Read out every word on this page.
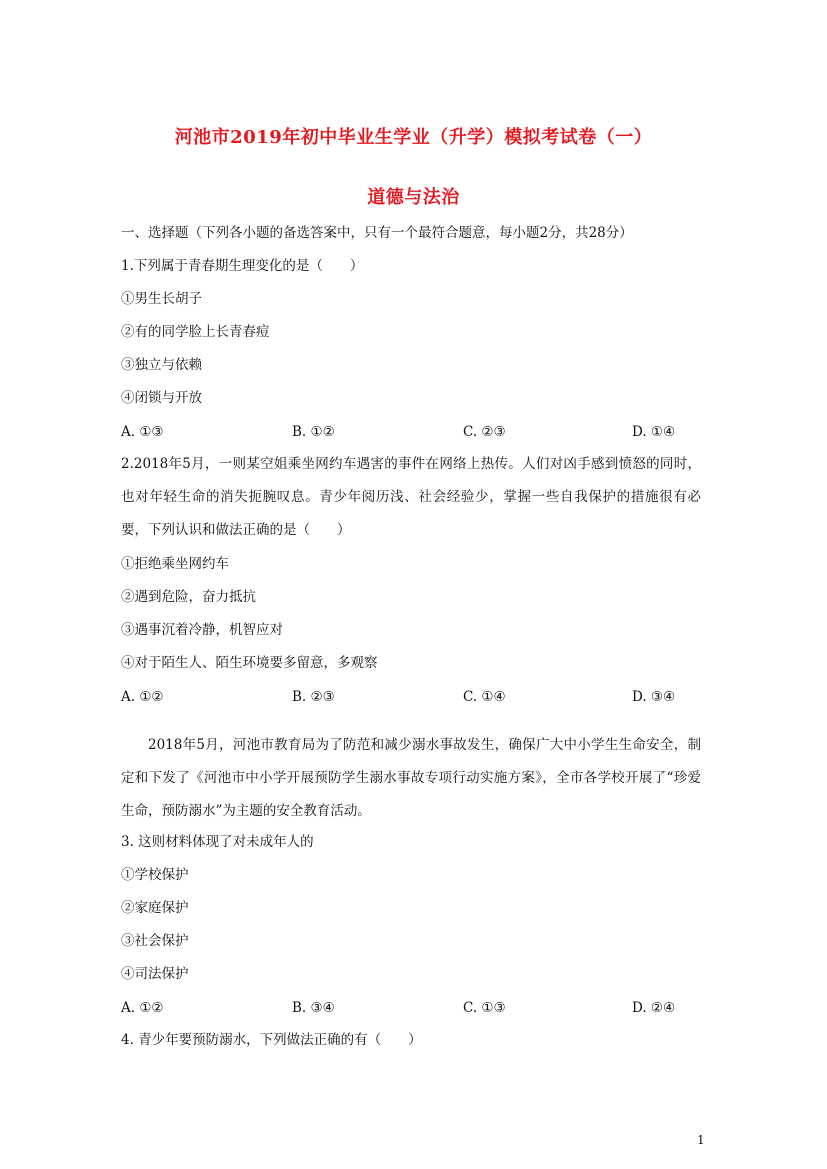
河池市2019年初中毕业生学业（升学）模拟考试卷（一）
道德与法治
一、选择题（下列各小题的备选答案中，只有一个最符合题意，每小题2分，共28分）
1.下列属于青春期生理变化的是（　　）
①男生长胡子
②有的同学脸上长青春痘
③独立与依赖
④闭锁与开放
A. ①③	B. ①②	C. ②③	D. ①④
2.2018年5月，一则某空姐乘坐网约车遇害的事件在网络上热传。人们对凶手感到愤怒的同时，也对年轻生命的消失扼腕叹息。青少年阅历浅、社会经验少，掌握一些自我保护的措施很有必要，下列认识和做法正确的是（　　）
①拒绝乘坐网约车
②遇到危险，奋力抵抗
③遇事沉着冷静，机智应对
④对于陌生人、陌生环境要多留意，多观察
A. ①②	B. ②③	C. ①④	D. ③④
2018年5月，河池市教育局为了防范和减少溺水事故发生，确保广大中小学生生命安全，制定和下发了《河池市中小学开展预防学生溺水事故专项行动实施方案》，全市各学校开展了“珍爱生命，预防溺水”为主题的安全教育活动。
3. 这则材料体现了对未成年人的
①学校保护
②家庭保护
③社会保护
④司法保护
A. ①②	B. ③④	C. ①③	D. ②④
4. 青少年要预防溺水，下列做法正确的有（　　）
1
